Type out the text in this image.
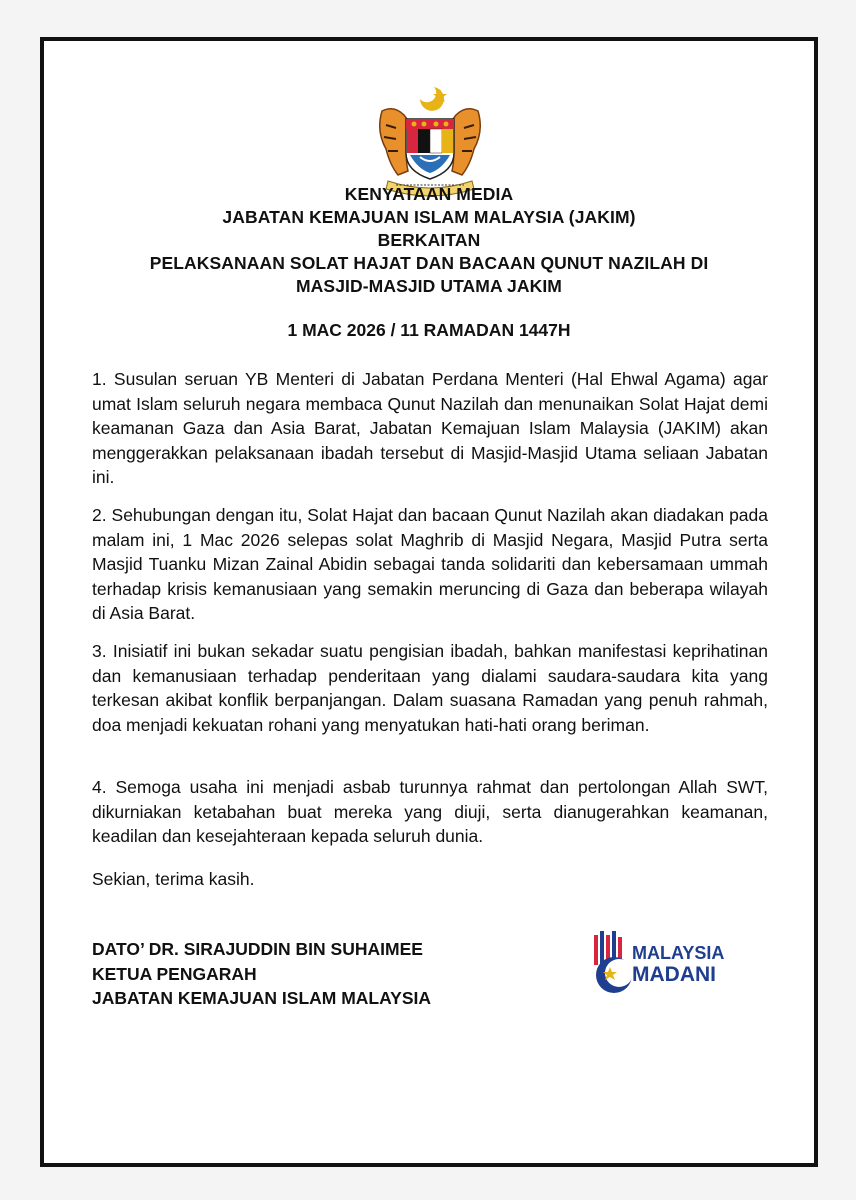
KENYATAAN MEDIA
JABATAN KEMAJUAN ISLAM MALAYSIA (JAKIM)
BERKAITAN
PELAKSANAAN SOLAT HAJAT DAN BACAAN QUNUT NAZILAH DI
MASJID-MASJID UTAMA JAKIM
1 MAC 2026 / 11 RAMADAN 1447H
1. Susulan seruan YB Menteri di Jabatan Perdana Menteri (Hal Ehwal Agama) agar umat Islam seluruh negara membaca Qunut Nazilah dan menunaikan Solat Hajat demi keamanan Gaza dan Asia Barat, Jabatan Kemajuan Islam Malaysia (JAKIM) akan menggerakkan pelaksanaan ibadah tersebut di Masjid-Masjid Utama seliaan Jabatan ini.
2. Sehubungan dengan itu, Solat Hajat dan bacaan Qunut Nazilah akan diadakan pada malam ini, 1 Mac 2026 selepas solat Maghrib di Masjid Negara, Masjid Putra serta Masjid Tuanku Mizan Zainal Abidin sebagai tanda solidariti dan kebersamaan ummah terhadap krisis kemanusiaan yang semakin meruncing di Gaza dan beberapa wilayah di Asia Barat.
3. Inisiatif ini bukan sekadar suatu pengisian ibadah, bahkan manifestasi keprihatinan dan kemanusiaan terhadap penderitaan yang dialami saudara-saudara kita yang terkesan akibat konflik berpanjangan. Dalam suasana Ramadan yang penuh rahmah, doa menjadi kekuatan rohani yang menyatukan hati-hati orang beriman.
4. Semoga usaha ini menjadi asbab turunnya rahmat dan pertolongan Allah SWT, dikurniakan ketabahan buat mereka yang diuji, serta dianugerahkan keamanan, keadilan dan kesejahteraan kepada seluruh dunia.
Sekian, terima kasih.
DATO’ DR. SIRAJUDDIN BIN SUHAIMEE
KETUA PENGARAH
JABATAN KEMAJUAN ISLAM MALAYSIA
MALAYSIA
MADANI
